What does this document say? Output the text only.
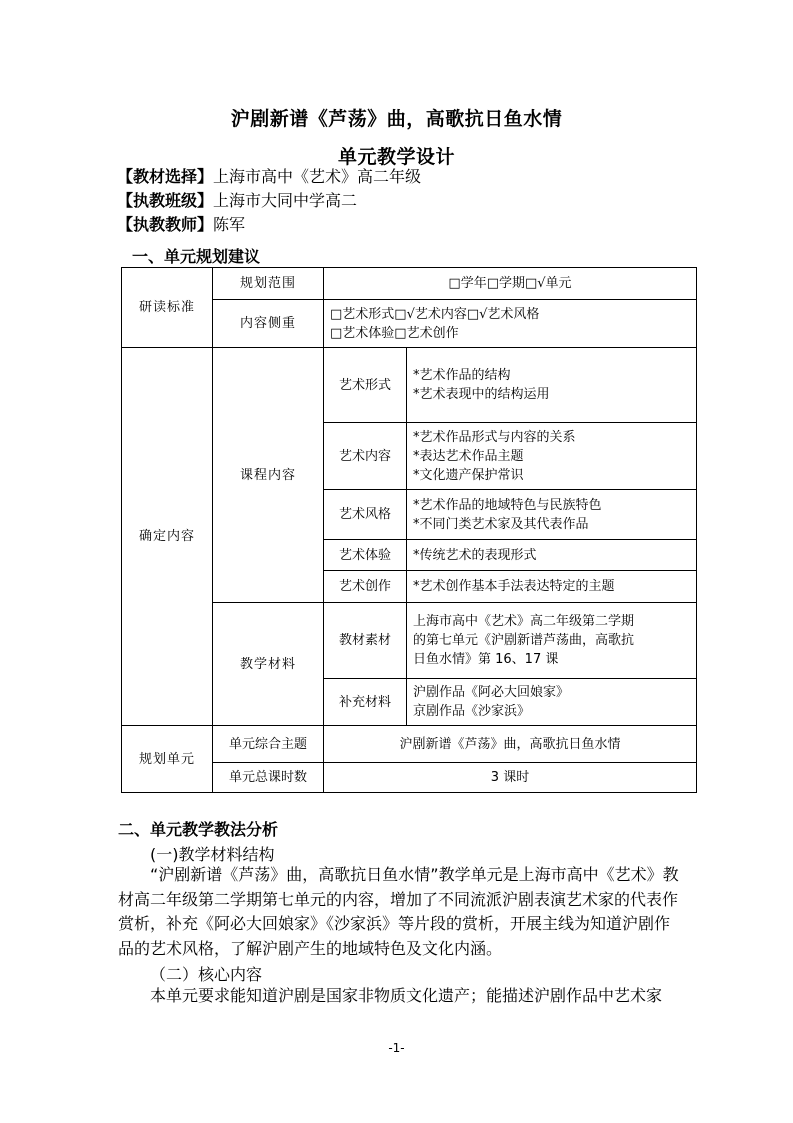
沪剧新谱《芦荡》曲，高歌抗日鱼水情
单元教学设计
【教材选择】上海市高中《艺术》高二年级
【执教班级】上海市大同中学高二
【执教教师】陈军
一、单元规划建议
研读标准	规划范围	□学年□学期□√单元	
	内容侧重	□艺术形式□√艺术内容□√艺术风格
□艺术体验□艺术创作	

确定内容	课程内容	艺术形式	*艺术作品的结构
*艺术表现中的结构运用

		艺术内容	*艺术作品形式与内容的关系
*表达艺术作品主题
*文化遗产保护常识

		艺术风格	*艺术作品的地域特色与民族特色
*不同门类艺术家及其代表作品

		艺术体验	*传统艺术的表现形式

		艺术创作	*艺术创作基本手法表达特定的主题

	教学材料	教材素材	上海市高中《艺术》高二年级第二学期
的第七单元《沪剧新谱芦荡曲，高歌抗
日鱼水情》第 16、17 课

		补充材料	沪剧作品《阿必大回娘家》
京剧作品《沙家浜》

规划单元	单元综合主题	沪剧新谱《芦荡》曲，高歌抗日鱼水情	
	单元总课时数	3 课时	
二、单元教学教法分析
(一)教学材料结构

“沪剧新谱《芦荡》曲，高歌抗日鱼水情”教学单元是上海市高中《艺术》教材高二年级第二学期第七单元的内容，增加了不同流派沪剧表演艺术家的代表作赏析，补充《阿必大回娘家》《沙家浜》等片段的赏析，开展主线为知道沪剧作品的艺术风格，了解沪剧产生的地域特色及文化内涵。

（二）核心内容

本单元要求能知道沪剧是国家非物质文化遗产；能描述沪剧作品中艺术家

-1-
